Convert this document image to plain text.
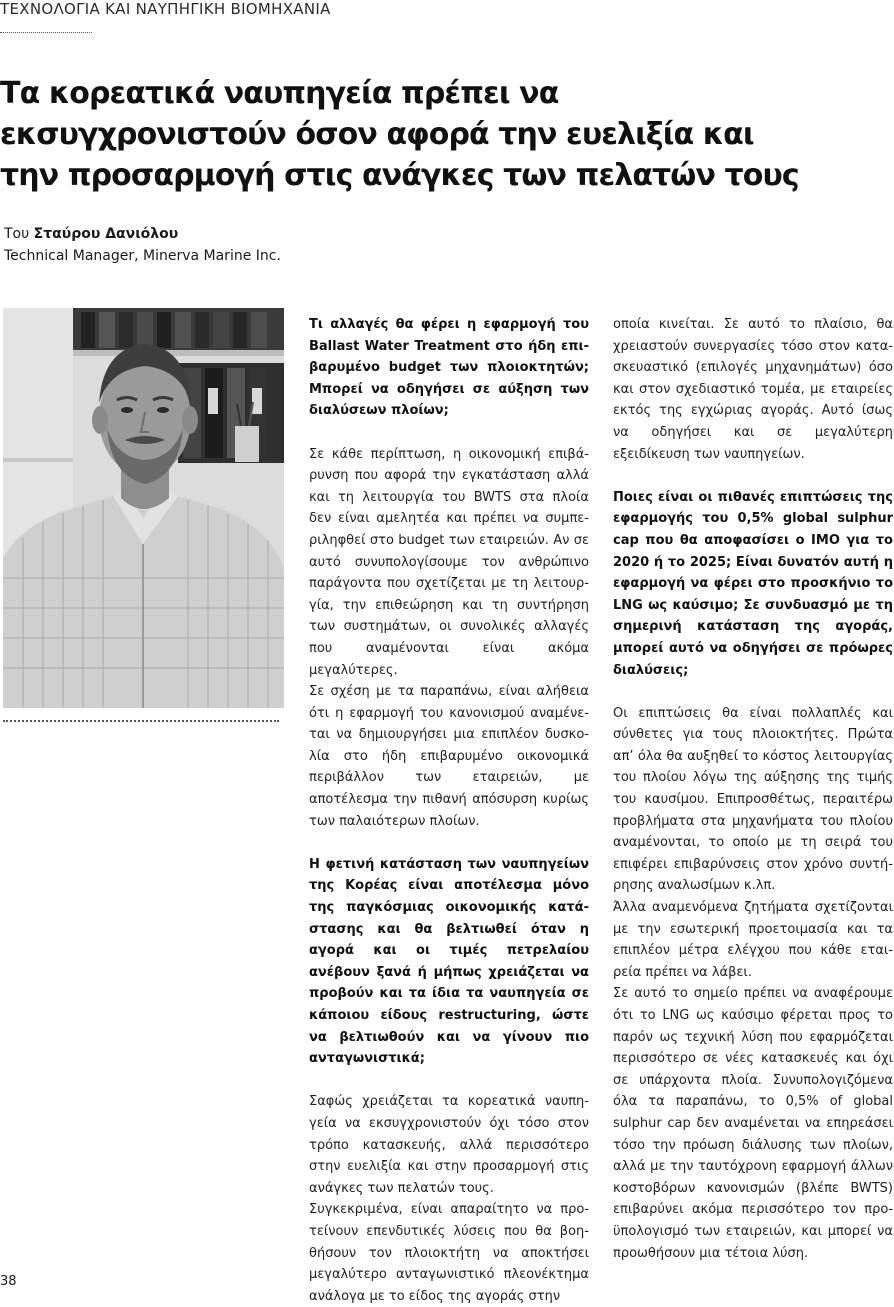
ΤΕΧΝΟΛΟΓΙΑ ΚΑΙ ΝΑΥΠΗΓΙΚΗ ΒΙΟΜΗΧΑΝΙΑ
Τα κορεατικά ναυπηγεία πρέπει να
εκσυγχρονιστούν όσον αφορά την ευελιξία και
την προσαρμογή στις ανάγκες των πελατών τους
Του Σταύρου Δανιόλου
Technical Manager, Minerva Marine Inc.

Τι αλλαγές θα φέρει η εφαρμογή του Ballast Water Treatment στο ήδη επιβαρυμένο budget των πλοιοκτητών; Μπορεί να οδηγήσει σε αύξηση των διαλύσεων πλοίων;

Σε κάθε περίπτωση, η οικονομική επιβάρυνση που αφορά την εγκατάσταση αλλά και τη λειτουργία του BWTS στα πλοία δεν είναι αμελητέα και πρέπει να συμπεριληφθεί στο budget των εταιρειών. Αν σε αυτό συνυπολογίσουμε τον ανθρώπινο παράγοντα που σχετίζεται με τη λειτουργία, την επιθεώρηση και τη συντήρηση των συστημάτων, οι συνολικές αλλαγές που αναμένονται είναι ακόμα μεγαλύτερες.

Σε σχέση με τα παραπάνω, είναι αλήθεια ότι η εφαρμογή του κανονισμού αναμένεται να δημιουργήσει μια επιπλέον δυσκολία στο ήδη επιβαρυμένο οικονομικά περιβάλλον των εταιρειών, με αποτέλεσμα την πιθανή απόσυρση κυρίως των παλαιότερων πλοίων.

Η φετινή κατάσταση των ναυπηγείων της Κορέας είναι αποτέλεσμα μόνο της παγκόσμιας οικονομικής κατάστασης και θα βελτιωθεί όταν η αγορά και οι τιμές πετρελαίου ανέβουν ξανά ή μήπως χρειάζεται να προβούν και τα ίδια τα ναυπηγεία σε κάποιου είδους restructuring, ώστε να βελτιωθούν και να γίνουν πιο ανταγωνιστικά;

Σαφώς χρειάζεται τα κορεατικά ναυπηγεία να εκσυγχρονιστούν όχι τόσο στον τρόπο κατασκευής, αλλά περισσότερο στην ευελιξία και στην προσαρμογή στις ανάγκες των πελατών τους.

Συγκεκριμένα, είναι απαραίτητο να προτείνουν επενδυτικές λύσεις που θα βοηθήσουν τον πλοιοκτήτη να αποκτήσει μεγαλύτερο ανταγωνιστικό πλεονέκτημα ανάλογα με το είδος της αγοράς στην

οποία κινείται. Σε αυτό το πλαίσιο, θα χρειαστούν συνεργασίες τόσο στον κατασκευαστικό (επιλογές μηχανημάτων) όσο και στον σχεδιαστικό τομέα, με εταιρείες εκτός της εγχώριας αγοράς. Αυτό ίσως να οδηγήσει και σε μεγαλύτερη εξειδίκευση των ναυπηγείων.

Ποιες είναι οι πιθανές επιπτώσεις της εφαρμογής του 0,5% global sulphur cap που θα αποφασίσει ο IMO για το 2020 ή το 2025; Είναι δυνατόν αυτή η εφαρμογή να φέρει στο προσκήνιο το LNG ως καύσιμο; Σε συνδυασμό με τη σημερινή κατάσταση της αγοράς, μπορεί αυτό να οδηγήσει σε πρόωρες διαλύσεις;

Οι επιπτώσεις θα είναι πολλαπλές και σύνθετες για τους πλοιοκτήτες. Πρώτα απ’ όλα θα αυξηθεί το κόστος λειτουργίας του πλοίου λόγω της αύξησης της τιμής του καυσίμου. Επιπροσθέτως, περαιτέρω προβλήματα στα μηχανήματα του πλοίου αναμένονται, το οποίο με τη σειρά του επιφέρει επιβαρύνσεις στον χρόνο συντήρησης αναλωσίμων κ.λπ.

Άλλα αναμενόμενα ζητήματα σχετίζονται με την εσωτερική προετοιμασία και τα επιπλέον μέτρα ελέγχου που κάθε εταιρεία πρέπει να λάβει.

Σε αυτό το σημείο πρέπει να αναφέρουμε ότι το LNG ως καύσιμο φέρεται προς το παρόν ως τεχνική λύση που εφαρμόζεται περισσότερο σε νέες κατασκευές και όχι σε υπάρχοντα πλοία. Συνυπολογιζόμενα όλα τα παραπάνω, το 0,5% of global sulphur cap δεν αναμένεται να επηρεάσει τόσο την πρόωση διάλυσης των πλοίων, αλλά με την ταυτόχρονη εφαρμογή άλλων κοστοβόρων κανονισμών (βλέπε BWTS) επιβαρύνει ακόμα περισσότερο τον προϋπολογισμό των εταιρειών, και μπορεί να προωθήσουν μια τέτοια λύση.

38
